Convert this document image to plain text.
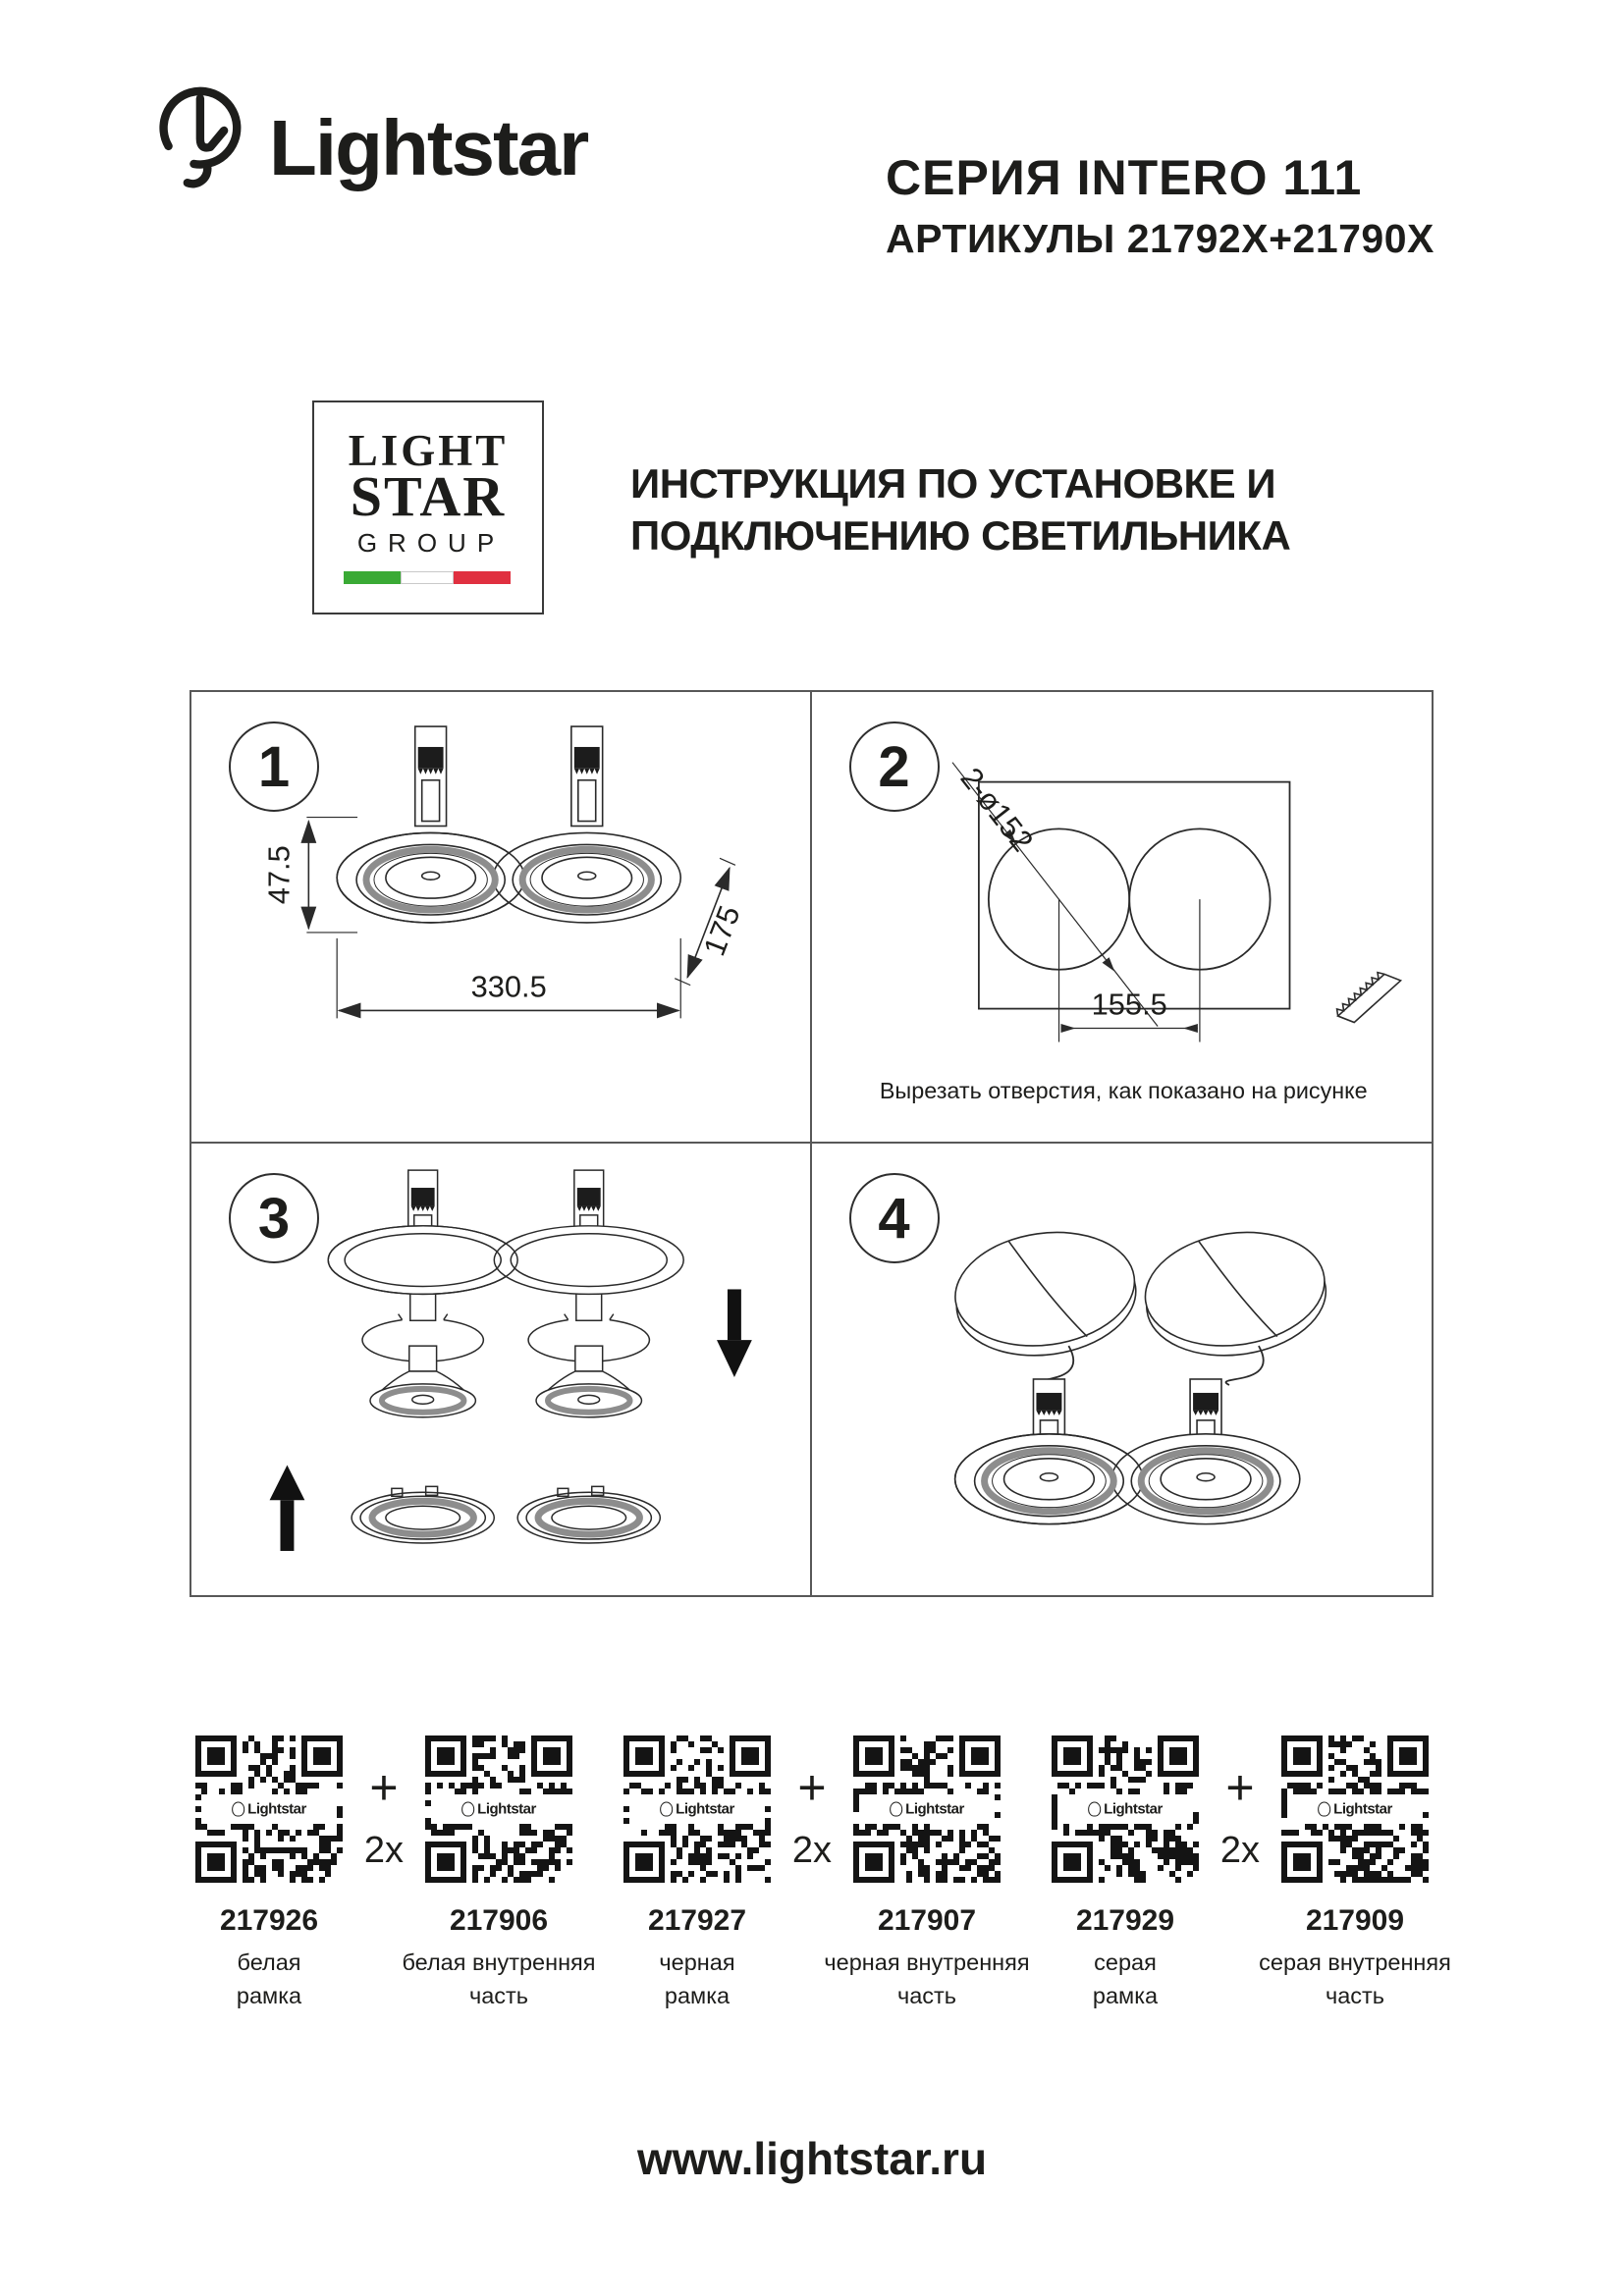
Lightstar	СЕРИЯ INTERO 111
АРТИКУЛЫ 21792X+21790X
LIGHT
STAR
GROUP
ИНСТРУКЦИЯ ПО УСТАНОВКЕ И
ПОДКЛЮЧЕНИЮ СВЕТИЛЬНИКА
1
47.5
330.5
175
2	2-ø152
155.5
Вырезать отверстия, как показано на рисунке
3	4
Lightstar
217926
белая
рамка
+
2x
Lightstar
217906
белая внутренняя
часть
Lightstar
217927
черная
рамка
+
2x
Lightstar
217907
черная внутренняя
часть
Lightstar
217929
серая
рамка
+
2x
Lightstar
217909
серая внутренняя
часть
www.lightstar.ru
